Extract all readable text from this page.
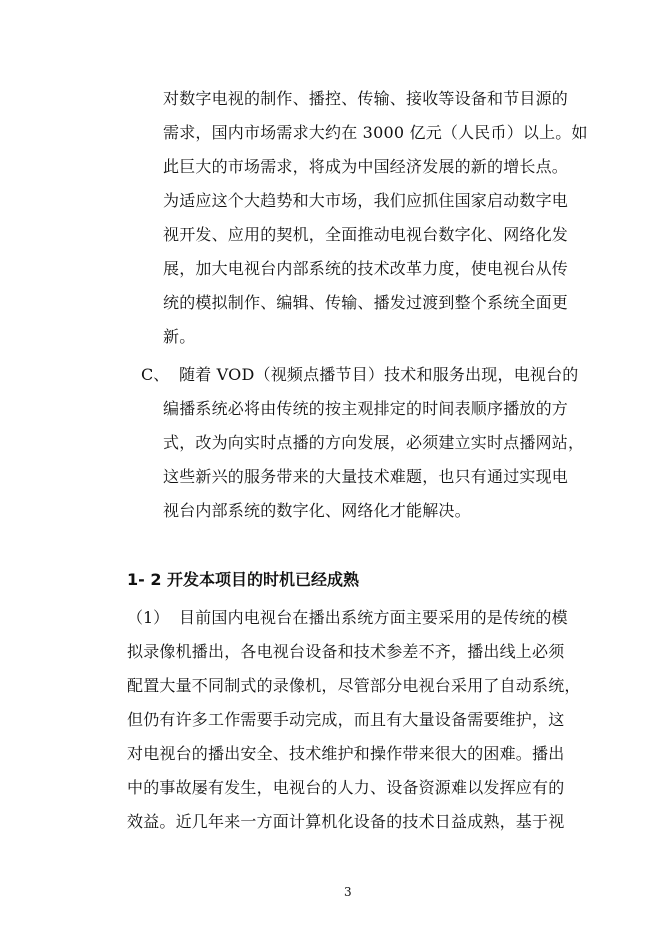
对数字电视的制作、播控、传输、接收等设备和节目源的
需求，国内市场需求大约在 3000 亿元（人民币）以上。如
此巨大的市场需求，将成为中国经济发展的新的增长点。
为适应这个大趋势和大市场，我们应抓住国家启动数字电
视开发、应用的契机，全面推动电视台数字化、网络化发
展，加大电视台内部系统的技术改革力度，使电视台从传
统的模拟制作、编辑、传输、播发过渡到整个系统全面更
新。
C、 随着 VOD（视频点播节目）技术和服务出现，电视台的
编播系统必将由传统的按主观排定的时间表顺序播放的方
式，改为向实时点播的方向发展，必须建立实时点播网站，
这些新兴的服务带来的大量技术难题，也只有通过实现电
视台内部系统的数字化、网络化才能解决。
1- 2 开发本项目的时机已经成熟
（1） 目前国内电视台在播出系统方面主要采用的是传统的模
拟录像机播出，各电视台设备和技术参差不齐，播出线上必须
配置大量不同制式的录像机，尽管部分电视台采用了自动系统，
但仍有许多工作需要手动完成，而且有大量设备需要维护，这
对电视台的播出安全、技术维护和操作带来很大的困难。播出
中的事故屡有发生，电视台的人力、设备资源难以发挥应有的
效益。近几年来一方面计算机化设备的技术日益成熟，基于视
3
